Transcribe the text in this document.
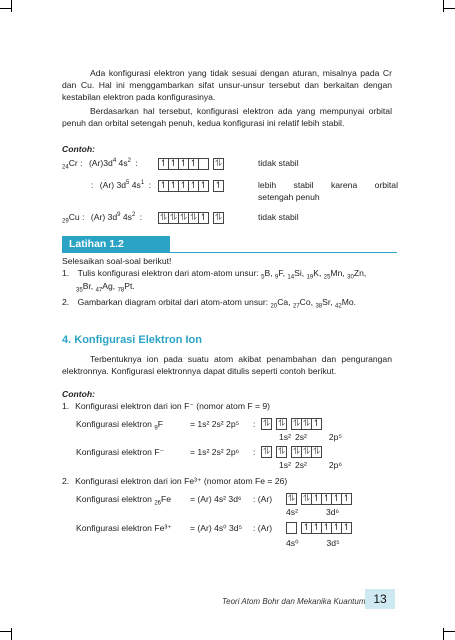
Ada konfigurasi elektron yang tidak sesuai dengan aturan, misalnya pada Cr dan Cu. Hal ini menggambarkan sifat unsur-unsur tersebut dan berkaitan dengan kestabilan elektron pada konfigurasinya.
Berdasarkan hal tersebut, konfigurasi elektron ada yang mempunyai orbital penuh dan orbital setengah penuh, kedua konfigurasi ini relatif lebih stabil.
Contoh:
$_{24}$Cr : $(Ar)3d^4$ $4s^2$ : ↿ ↿ ↿ ↿ ⥮	tidak stabil
: (Ar) $3d^5$ $4s^1$ : ↿ ↿ ↿ ↿ ↿ ↿	lebih stabil karena orbital
setengah penuh
$_{29}$Cu : (Ar) $3d^9$ $4s^2$ : ⥮ ⥮ ⥮ ⥮ ↿ ⥮	tidak stabil
Latihan 1.2
Selesaikan soal-soal berikut!
1. Tulis konfigurasi elektron dari atom-atom unsur: $_5$B, $_9$F, $_{14}$Si, $_{19}$K, $_{25}$Mn, $_{30}$Zn,
$_{35}$Br, $_{47}$Ag, $_{78}$Pt.
2. Gambarkan diagram orbital dari atom-atom unsur: $_{20}$Ca, $_{27}$Co, $_{38}$Sr, $_{42}$Mo.
4. Konfigurasi Elektron Ion
Terbentuknya ion pada suatu atom akibat penambahan dan pengurangan elektronnya. Konfigurasi elektronnya dapat ditulis seperti contoh berikut.
Contoh:
1. Konfigurasi elektron dari ion F⁻ (nomor atom F = 9)
Konfigurasi elektron $_9$F	= 1s² 2s² 2p⁵ : ⥮ ⥮ ⥮ ⥮ ↿
1s² 2s²	2p⁵
Konfigurasi elektron F⁻	= 1s² 2s² 2p⁶ : ⥮ ⥮ ⥮ ⥮ ⥮
1s² 2s²	2p⁶
2. Konfigurasi elektron dari ion Fe³⁺ (nomor atom Fe = 26)
Konfigurasi elektron $_{26}$Fe = (Ar) 4s² 3d⁶ : (Ar) ⥮ ⥮ ↿ ↿ ↿ ↿
4s²	3d⁶
Konfigurasi elektron Fe³⁺ = (Ar) 4s⁰ 3d⁵ : (Ar)	↿ ↿ ↿ ↿ ↿
4s⁰	3d⁵
Teori Atom Bohr dan Mekanika Kuantum 13
